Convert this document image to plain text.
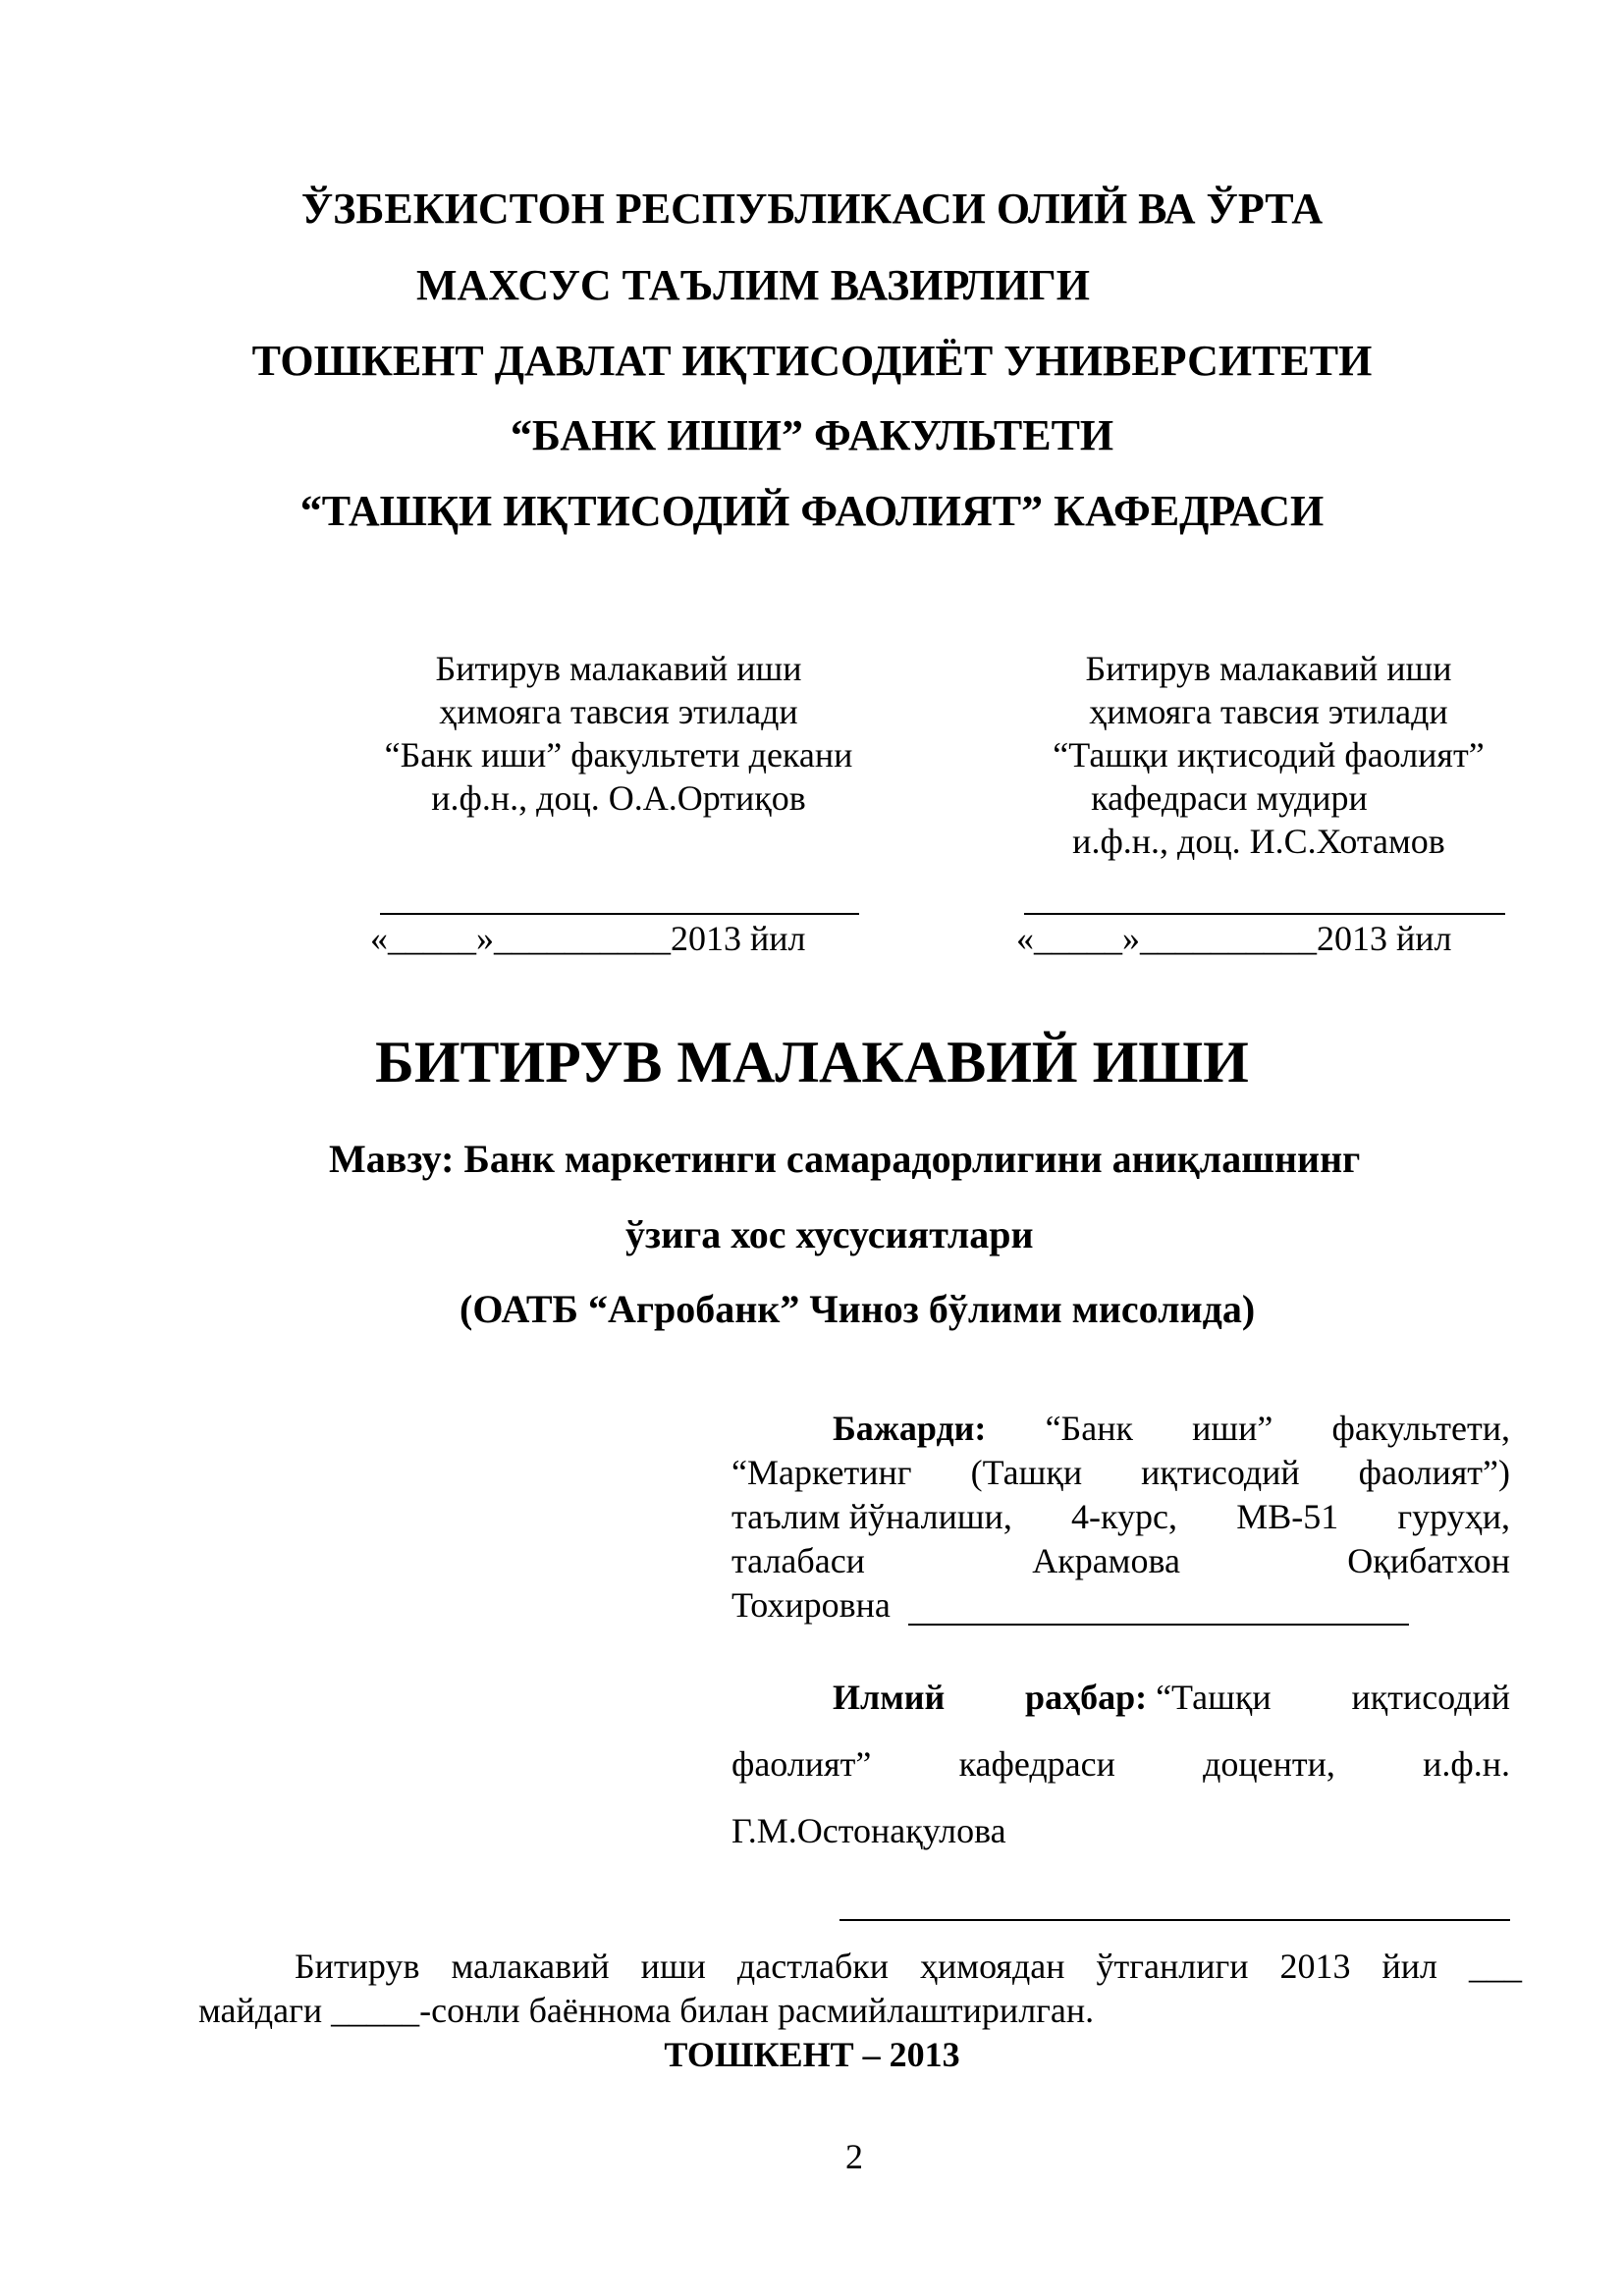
ЎЗБЕКИСТОН РЕСПУБЛИКАСИ ОЛИЙ ВА ЎРТА
МАХСУС ТАЪЛИМ ВАЗИРЛИГИ
ТОШКЕНТ ДАВЛАТ ИҚТИСОДИЁТ УНИВЕРСИТЕТИ
“БАНК ИШИ” ФАКУЛЬТЕТИ
“ТАШҚИ ИҚТИСОДИЙ ФАОЛИЯТ” КАФЕДРАСИ
Битирув малакавий иши
ҳимояга тавсия этилади
“Банк иши” факультети декани
и.ф.н., доц. О.А.Ортиқов
«_____»__________2013 йил
Битирув малакавий иши
ҳимояга тавсия этилади
“Ташқи иқтисодий фаолият”
кафедраси мудири
и.ф.н., доц. И.С.Хотамов
«_____»__________2013 йил
БИТИРУВ МАЛАКАВИЙ ИШИ
Мавзу: Банк маркетинги самарадорлигини аниқлашнинг
ўзига хос хусусиятлари
(ОАТБ “Агробанк” Чиноз бўлими мисолида)
Бажарди: “Банк иши” факультети,
“Маркетинг (Ташқи иқтисодий фаолият”)
таълим йўналиши, 4-курс, МВ-51 гуруҳи,
талабаси	Акрамова	Оқибатхон
Тохировна
Илмий раҳбар: “Ташқи иқтисодий
фаолият” кафедраси доценти, и.ф.н.
Г.М.Остонақулова
Битирув малакавий иши дастлабки ҳимоядан ўтганлиги 2013 йил ___
майдаги _____-сонли баённома билан расмийлаштирилган.
ТОШКЕНТ – 2013
2
